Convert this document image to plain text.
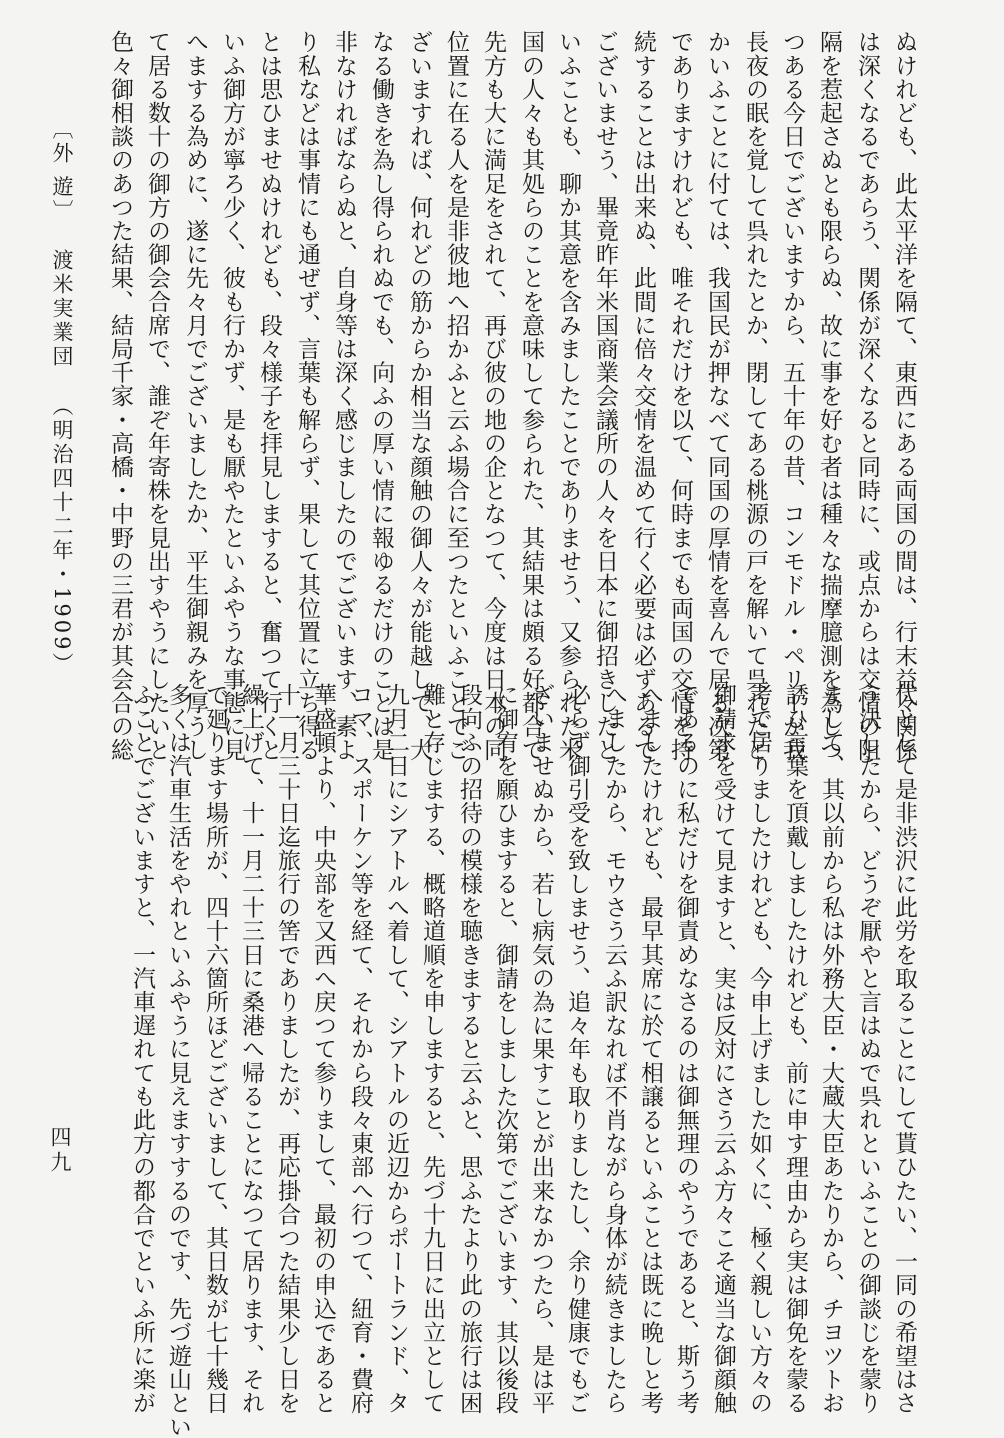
〔外 遊〕 渡米実業団 （明治四十二年・1909）	ぬけれども、此太平洋を隔て、東西にある両国の間は、行末益々関係
は深くなるであらう、関係が深くなると同時に、或点からは交情の阻
隔を惹起さぬとも限らぬ、故に事を好む者は種々な揣摩臆測を為しつ
つある今日でございますから、五十年の昔、コンモドル・ペリーが我
長夜の眠を覚して呉れたとか、閉してある桃源の戸を解いて呉れたと
かいふことに付ては、我国民が押なべて同国の厚情を喜んで居る次第
でありますけれども、唯それだけを以て、何時までも両国の交情を持
続することは出来ぬ、此間に倍々交情を温めて行く必要は必ずあるで
ございませう、畢竟昨年米国商業会議所の人々を日本に御招きしたと
いふことも、聊か其意を含みましたことでありませう、又参られた米
国の人々も其処らのことを意味して参られた、其結果は頗る好都合で
先方も大に満足をされて、再び彼の地の企となつて、今度は日本の同
位置に在る人を是非彼地へ招かふと云ふ場合に至つたといふことでご
ざいますれば、何れどの筋からか相当な顔触の御人々が能越して、大
なる働きを為し得られぬでも、向ふの厚い情に報ゆるだけのことは是
非なければならぬと、自身等は深く感じましたのでございます、素よ
り私などは事情にも通ぜず、言葉も解らず、果して其位置に立ち得る
とは思ひませぬけれども、段々様子を拝見しますると、奮つて行くと
いふ御方が寧ろ少く、彼も行かず、是も厭やたといふやうな事態に見
へまする為めに、遂に先々月でございましたか、平生御親みを厚うし
て居る数十の御方の御会合席で、誰ぞ年寄株を見出すやうにしたいと
色々御相談のあつた結果、結局千家・高橋・中野の三君が其会合の総
代として是非渋沢に此労を取ることにして貰ひたい、一同の希望はさ
う決したから、どうぞ厭やと言はぬで呉れといふことの御談じを蒙り
まして、其以前から私は外務大臣・大蔵大臣あたりから、チヨツトお
誘ひ言葉を頂戴しましたけれども、前に申す理由から実は御免を蒙る
考で居りましたけれども、今申上げました如くに、極く親しい方々の
御請求を受けて見ますと、実は反対にさう云ふ方々こそ適当な御顔触
であるのに私だけを御責めなさるのは御無理のやうであると、斯う考
へましたけれども、最早其席に於て相譲るといふことは既に晩しと考
へましたから、モウさう云ふ訳なれば不肖ながら身体が続きましたら
必らず御引受を致しませう、追々年も取りましたし、余り健康でもご
ざいませぬから、若し病気の為に果すことが出来なかつたら、是は平
に御宥を願ひますると、御請をしました次第でございます、其以後段
段向ふの招待の模様を聴きますると云ふと、思ふたより此の旅行は困
難と存じまする、概略道順を申しますると、先づ十九日に出立として
九月二日にシアトルへ着して、シアトルの近辺からポートランド、タ
コマ、スポーケン等を経て、それから段々東部へ行つて、紐育・費府
華盛頓より、中央部を又西へ戻つて参りまして、最初の申込であると
十一月三十日迄旅行の筈でありましたが、再応掛合つた結果少し日を
繰上げて、十一月二十三日に桑港へ帰ることになつて居ります、それ
で廻ります場所が、四十六箇所ほどございまして、其日数が七十幾日
多くは汽車生活をやれといふやうに見えますするのです、先づ遊山とい
ふことでございますと、一汽車遅れても此方の都合でといふ所に楽が
四九
